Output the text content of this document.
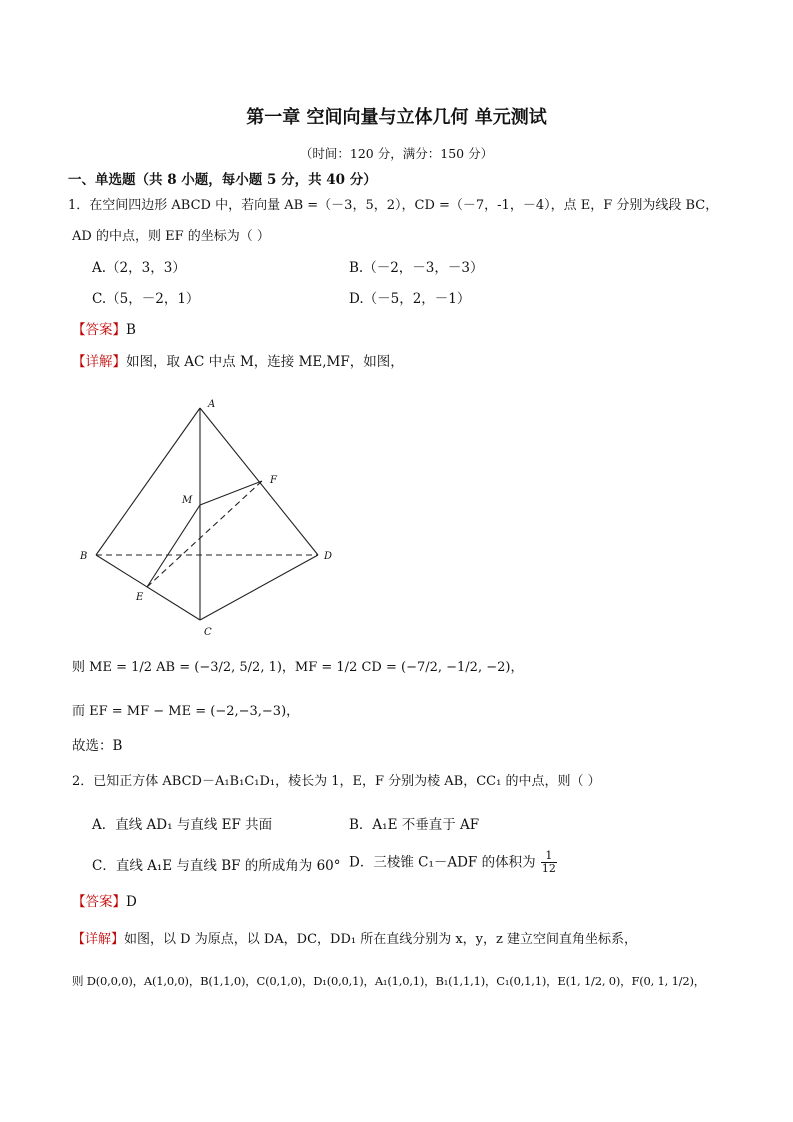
第一章 空间向量与立体几何 单元测试
（时间：120 分，满分：150 分）
一、单选题（共 8 小题，每小题 5 分，共 40 分）
1．在空间四边形 ABCD 中，若向量 AB =（－3，5，2），CD =（－7，-1，－4），点 E，F 分别为线段 BC，
AD 的中点，则 EF 的坐标为（ ）
A.（2，3，3）	B.（－2，－3，－3）
C.（5，－2，1）	D.（－5，2，－1）
【答案】B
【详解】如图，取 AC 中点 M，连接 ME,MF，如图，
A
M
F
B	D
E
C
则 ME = 1/2 AB = (−3/2, 5/2, 1)，MF = 1/2 CD = (−7/2, −1/2, −2)，
而 EF = MF − ME = (−2,−3,−3)，
故选：B
2．已知正方体 ABCD－A₁B₁C₁D₁，棱长为 1，E，F 分别为棱 AB，CC₁ 的中点，则（ ）
A．直线 AD₁ 与直线 EF 共面	B．A₁E 不垂直于 AF
C．直线 A₁E 与直线 BF 的所成角为 60° D．三棱锥 C₁－ADF 的体积为 $\frac{1}{12}$
【答案】D
【详解】如图，以 D 为原点，以 DA，DC，DD₁ 所在直线分别为 x，y，z 建立空间直角坐标系，
则 D(0,0,0)，A(1,0,0)，B(1,1,0)，C(0,1,0)，D₁(0,0,1)，A₁(1,0,1)，B₁(1,1,1)，C₁(0,1,1)，E(1, 1/2, 0)，F(0, 1, 1/2)，
